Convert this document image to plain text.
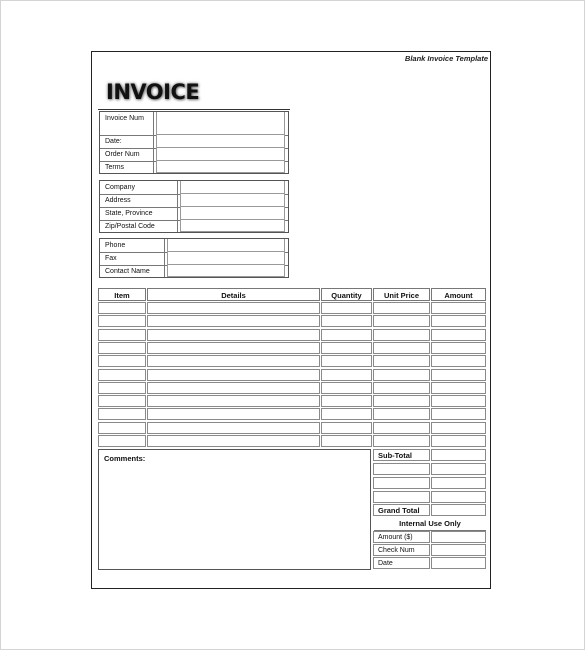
Blank Invoice Template
INVOICE
Invoice Num
Date:
Order Num
Terms
Company
Address
State, Province
Zip/Postal Code
Phone
Fax
Contact Name
Item	Details	Quantity	Unit Price	Amount
Comments:	Sub-Total
Grand Total
Internal Use Only
Amount ($)
Check Num
Date
